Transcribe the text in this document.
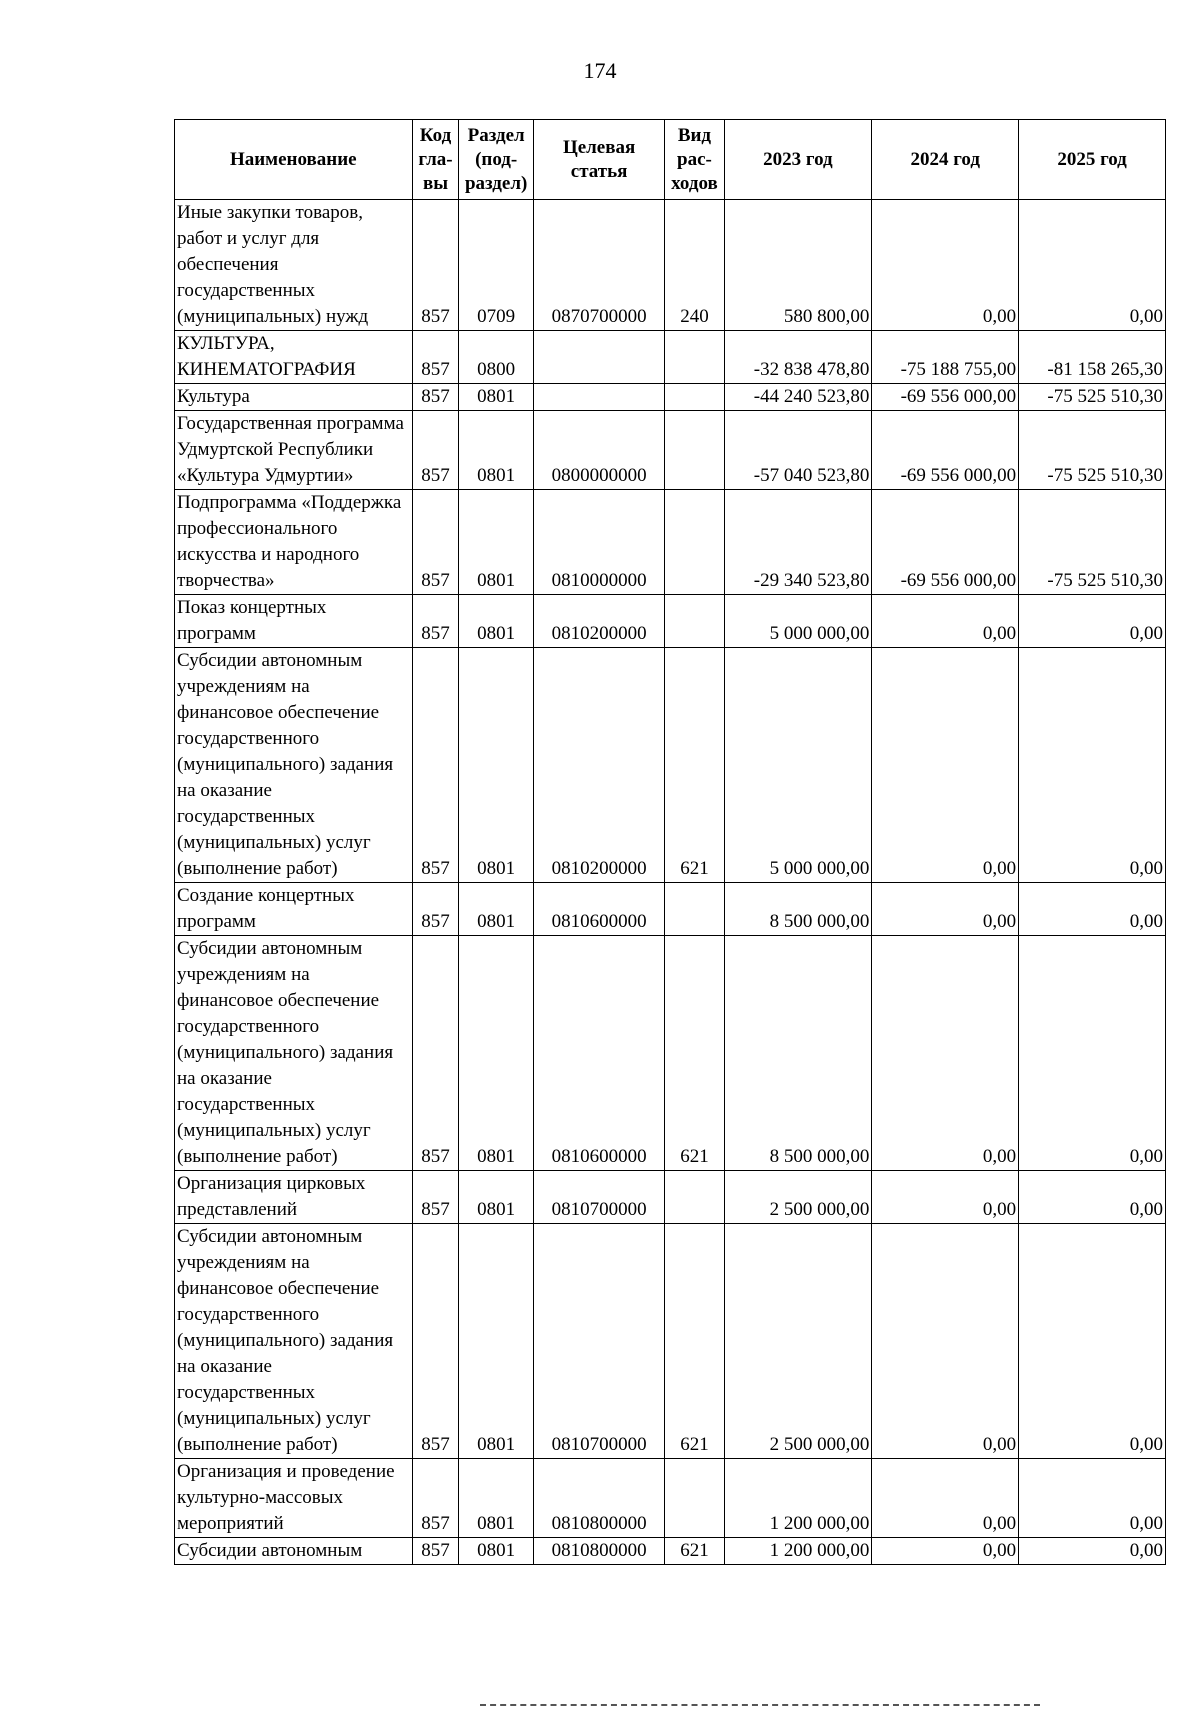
174
Наименование	Код гла-вы	Раздел (под-раздел)	Целевая статья	Вид рас-ходов	2023 год	2024 год	2025 год
Иные закупки товаров, работ и услуг для обеспечения государственных (муниципальных) нужд	857	0709	0870700000	240	580 800,00	0,00	0,00
КУЛЬТУРА, КИНЕМАТОГРАФИЯ	857	0800			-32 838 478,80	-75 188 755,00	-81 158 265,30
Культура	857	0801			-44 240 523,80	-69 556 000,00	-75 525 510,30
Государственная программа Удмуртской Республики «Культура Удмуртии»	857	0801	0800000000		-57 040 523,80	-69 556 000,00	-75 525 510,30
Подпрограмма «Поддержка профессионального искусства и народного творчества»	857	0801	0810000000		-29 340 523,80	-69 556 000,00	-75 525 510,30
Показ концертных программ	857	0801	0810200000		5 000 000,00	0,00	0,00
Субсидии автономным учреждениям на финансовое обеспечение государственного (муниципального) задания на оказание государственных (муниципальных) услуг (выполнение работ)	857	0801	0810200000	621	5 000 000,00	0,00	0,00
Создание концертных программ	857	0801	0810600000		8 500 000,00	0,00	0,00
Субсидии автономным учреждениям на финансовое обеспечение государственного (муниципального) задания на оказание государственных (муниципальных) услуг (выполнение работ)	857	0801	0810600000	621	8 500 000,00	0,00	0,00
Организация цирковых представлений	857	0801	0810700000		2 500 000,00	0,00	0,00
Субсидии автономным учреждениям на финансовое обеспечение государственного (муниципального) задания на оказание государственных (муниципальных) услуг (выполнение работ)	857	0801	0810700000	621	2 500 000,00	0,00	0,00
Организация и проведение культурно-массовых мероприятий	857	0801	0810800000		1 200 000,00	0,00	0,00
Субсидии автономным	857	0801	0810800000	621	1 200 000,00	0,00	0,00
